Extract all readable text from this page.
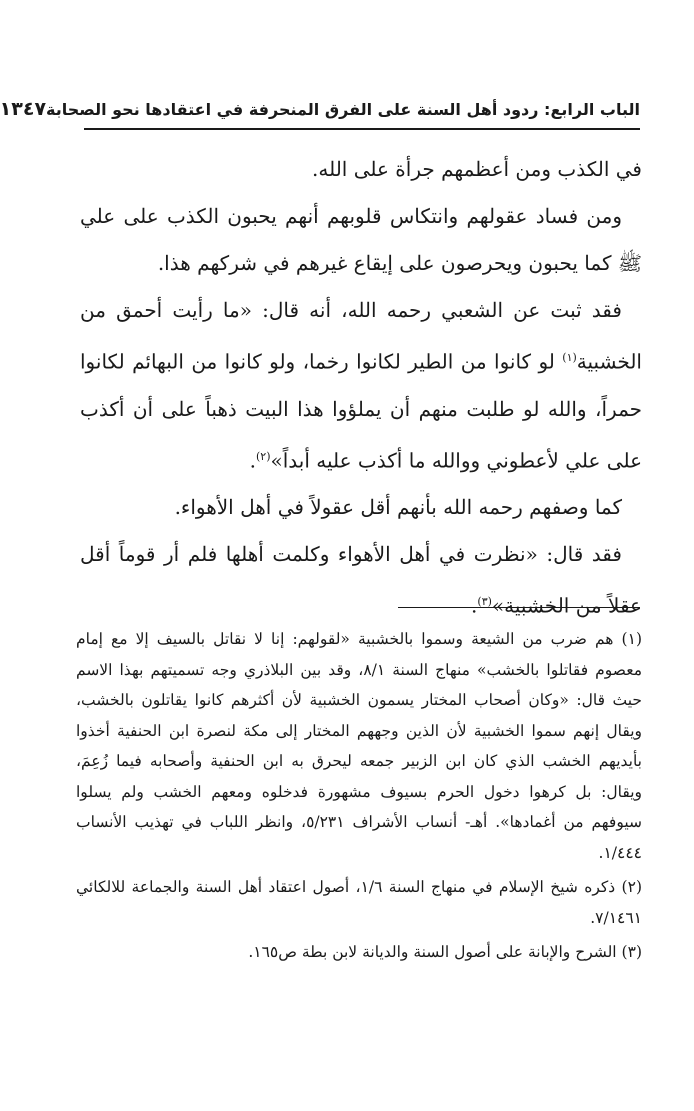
الباب الرابع: ردود أهل السنة على الفرق المنحرفة في اعتقادها نحو الصحابة
١٣٤٧

في الكذب ومن أعظمهم جرأة على الله.

ومن فساد عقولهم وانتكاس قلوبهم أنهم يحبون الكذب على علي ﷺ كما يحبون ويحرصون على إيقاع غيرهم في شركهم هذا.

فقد ثبت عن الشعبي رحمه الله، أنه قال: «ما رأيت أحمق من الخشبية$^{(١)}$ لو كانوا من الطير لكانوا رخما، ولو كانوا من البهائم لكانوا حمراً، والله لو طلبت منهم أن يملؤوا هذا البيت ذهباً على أن أكذب على علي لأعطوني ووالله ما أكذب عليه أبداً»$^{(٢)}$.

كما وصفهم رحمه الله بأنهم أقل عقولاً في أهل الأهواء.

فقد قال: «نظرت في أهل الأهواء وكلمت أهلها فلم أر قوماً أقل عقلاً من الخشبية»$^{(٣)}$.

(١) هم ضرب من الشيعة وسموا بالخشبية «لقولهم: إنا لا نقاتل بالسيف إلا مع إمام معصوم فقاتلوا بالخشب» منهاج السنة ٨/١، وقد بين البلاذري وجه تسميتهم بهذا الاسم حيث قال: «وكان أصحاب المختار يسمون الخشبية لأن أكثرهم كانوا يقاتلون بالخشب، ويقال إنهم سموا الخشبية لأن الذين وجههم المختار إلى مكة لنصرة ابن الحنفية أخذوا بأيديهم الخشب الذي كان ابن الزبير جمعه ليحرق به ابن الحنفية وأصحابه فيما زُعِمَ، ويقال: بل كرهوا دخول الحرم بسيوف مشهورة فدخلوه ومعهم الخشب ولم يسلوا سيوفهم من أغمادها». أهـ- أنساب الأشراف ٥/٢٣١، وانظر اللباب في تهذيب الأنساب ١/٤٤٤.

(٢) ذكره شيخ الإسلام في منهاج السنة ١/٦، أصول اعتقاد أهل السنة والجماعة للالكائي ٧/١٤٦١.

(٣) الشرح والإبانة على أصول السنة والديانة لابن بطة ص١٦٥.
